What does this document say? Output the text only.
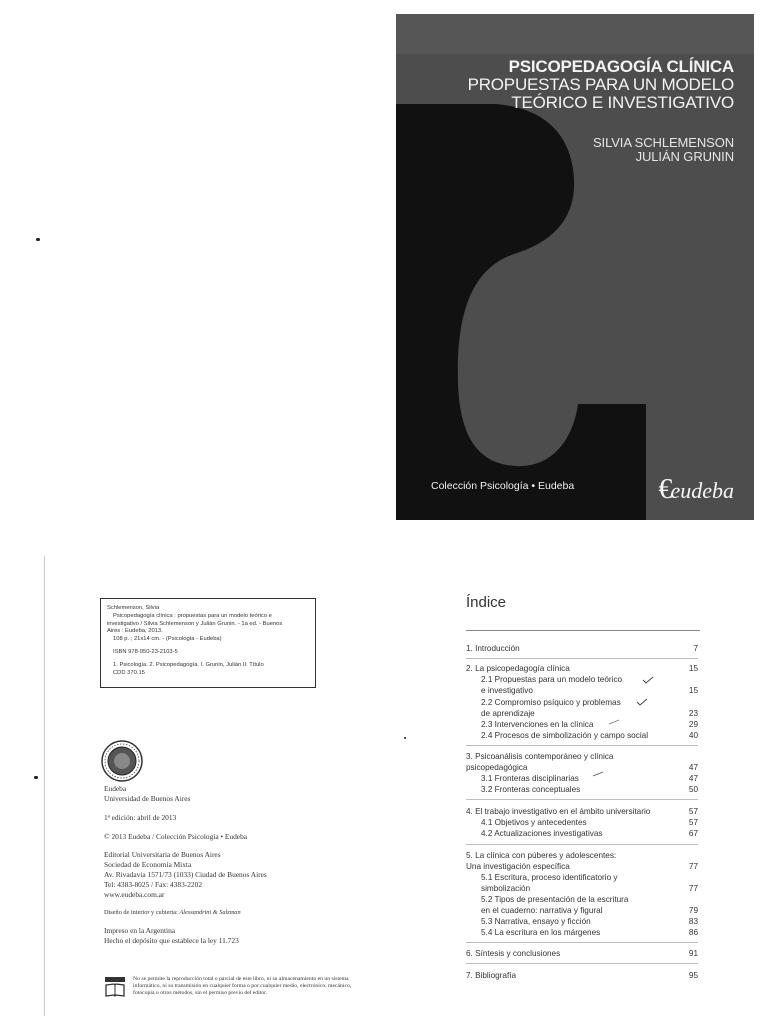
PSICOPEDAGOGÍA CLÍNICA
PROPUESTAS PARA UN MODELO
TEÓRICO E INVESTIGATIVO
SILVIA SCHLEMENSON
JULIÁN GRUNIN
Colección Psicología • Eudeba	€eudeba

Schlemenson, Silvia

Psicopedagogía clínica : propuestas para un modelo teórico e

investigativo / Silvia Schlemenson y Julián Grunin. - 1a ed. - Buenos

Aires : Eudeba, 2013.

108 p. ; 21x14 cm. - (Psicología - Eudeba)

ISBN 978-950-23-2103-5

1. Psicología. 2. Psicopedagogía. I. Grunin, Julián II. Título

CDD 370.15

Eudeba

Universidad de Buenos Aires

1ª edición: abril de 2013

© 2013 Eudeba / Colección Psicología • Eudeba

Editorial Universitaria de Buenos Aires

Sociedad de Economía Mixta

Av. Rivadavia 1571/73 (1033) Ciudad de Buenos Aires

Tel: 4383-8025 / Fax: 4383-2202

www.eudeba.com.ar

Diseño de interior y cubierta: Alessandrini & Salzman

Impreso en la Argentina

Hecho el depósito que establece la ley 11.723

No se permite la reproducción total o parcial de este libro, ni su almacenamiento en un sistema informático, ni su transmisión en cualquier forma o por cualquier medio, electrónico, mecánico, fotocopia u otros métodos, sin el permiso previo del editor.
Índice
1. Introducción	7
2. La psicopedagogía clínica	15
2.1 Propuestas para un modelo teórico
e investigativo	15
2.2 Compromiso psíquico y problemas
de aprendizaje	23
2.3 Intervenciones en la clínica	29
2.4 Procesos de simbolización y campo social	40
3. Psicoanálisis contemporáneo y clínica
psicopedagógica	47
3.1 Fronteras disciplinarias	47
3.2 Fronteras conceptuales	50
4. El trabajo investigativo en el ámbito universitario	57
4.1 Objetivos y antecedentes	57
4.2 Actualizaciones investigativas	67
5. La clínica con púberes y adolescentes:
Una investigación específica	77
5.1 Escritura, proceso identificatorio y
simbolización	77
5.2 Tipos de presentación de la escritura
en el cuaderno: narrativa y figural	79
5.3 Narrativa, ensayo y ficción	83
5.4 La escritura en los márgenes	86
6. Síntesis y conclusiones	91
7. Bibliografía	95
